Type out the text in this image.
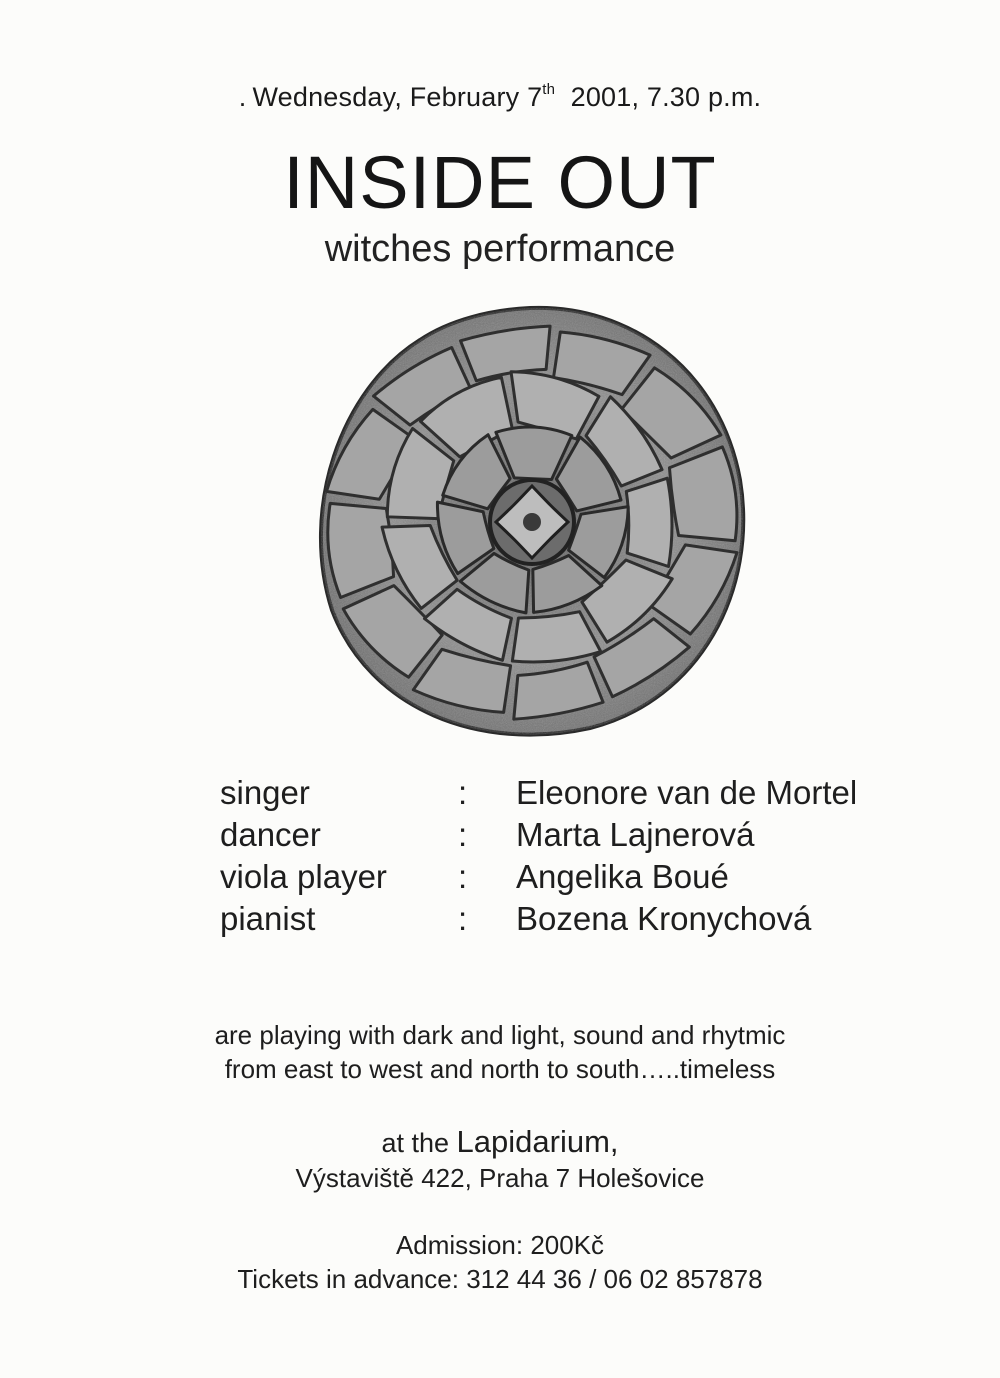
. Wednesday, February 7th 2001, 7.30 p.m.
INSIDE OUT
witches performance
singer	: Eleonore van de Mortel
dancer	: Marta Lajnerová
viola player : Angelika Boué
pianist	: Bozena Kronychová
are playing with dark and light, sound and rhytmic
from east to west and north to south…..timeless
at the Lapidarium,
Výstaviště 422, Praha 7 Holešovice
Admission: 200Kč
Tickets in advance: 312 44 36 / 06 02 857878
